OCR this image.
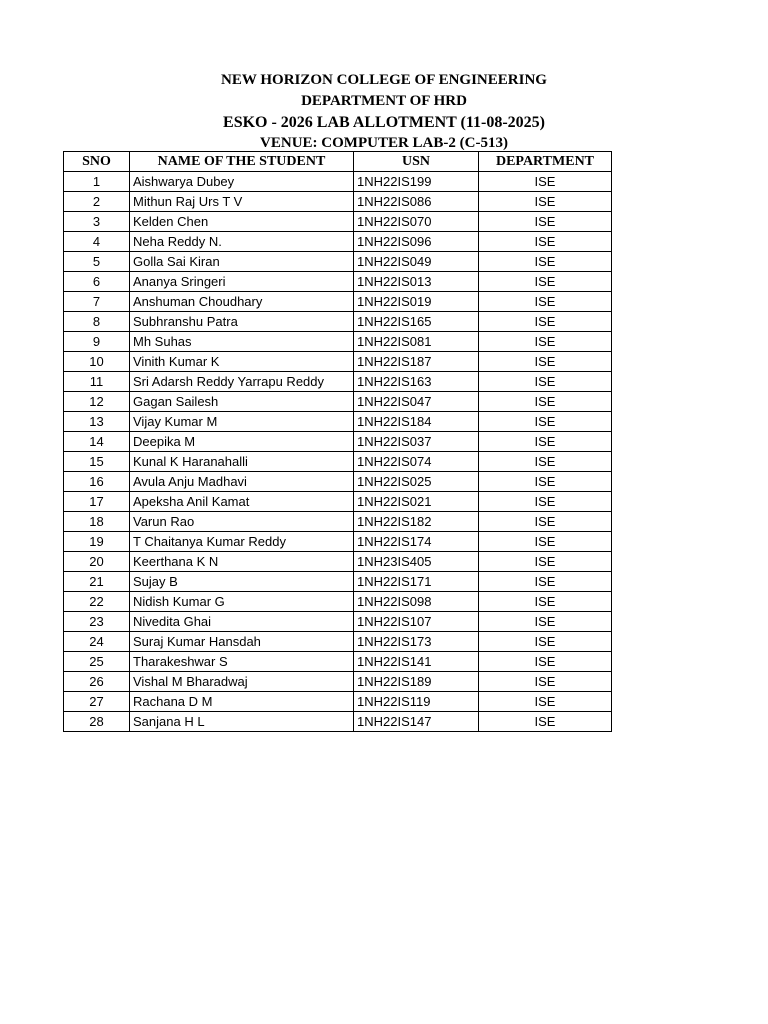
NEW HORIZON COLLEGE OF ENGINEERING
DEPARTMENT OF HRD
ESKO - 2026 LAB ALLOTMENT (11-08-2025)
VENUE: COMPUTER LAB-2 (C-513)
SNO	NAME OF THE STUDENT	USN	DEPARTMENT
1	Aishwarya Dubey	1NH22IS199	ISE
2	Mithun Raj Urs T V	1NH22IS086	ISE
3	Kelden Chen	1NH22IS070	ISE
4	Neha Reddy N.	1NH22IS096	ISE
5	Golla Sai Kiran	1NH22IS049	ISE
6	Ananya Sringeri	1NH22IS013	ISE
7	Anshuman Choudhary	1NH22IS019	ISE
8	Subhranshu Patra	1NH22IS165	ISE
9	Mh Suhas	1NH22IS081	ISE
10	Vinith Kumar K	1NH22IS187	ISE
11	Sri Adarsh Reddy Yarrapu Reddy	1NH22IS163	ISE
12	Gagan Sailesh	1NH22IS047	ISE
13	Vijay Kumar M	1NH22IS184	ISE
14	Deepika M	1NH22IS037	ISE
15	Kunal K Haranahalli	1NH22IS074	ISE
16	Avula Anju Madhavi	1NH22IS025	ISE
17	Apeksha Anil Kamat	1NH22IS021	ISE
18	Varun Rao	1NH22IS182	ISE
19	T Chaitanya Kumar Reddy	1NH22IS174	ISE
20	Keerthana K N	1NH23IS405	ISE
21	Sujay B	1NH22IS171	ISE
22	Nidish Kumar G	1NH22IS098	ISE
23	Nivedita Ghai	1NH22IS107	ISE
24	Suraj Kumar Hansdah	1NH22IS173	ISE
25	Tharakeshwar S	1NH22IS141	ISE
26	Vishal M Bharadwaj	1NH22IS189	ISE
27	Rachana D M	1NH22IS119	ISE
28	Sanjana H L	1NH22IS147	ISE
